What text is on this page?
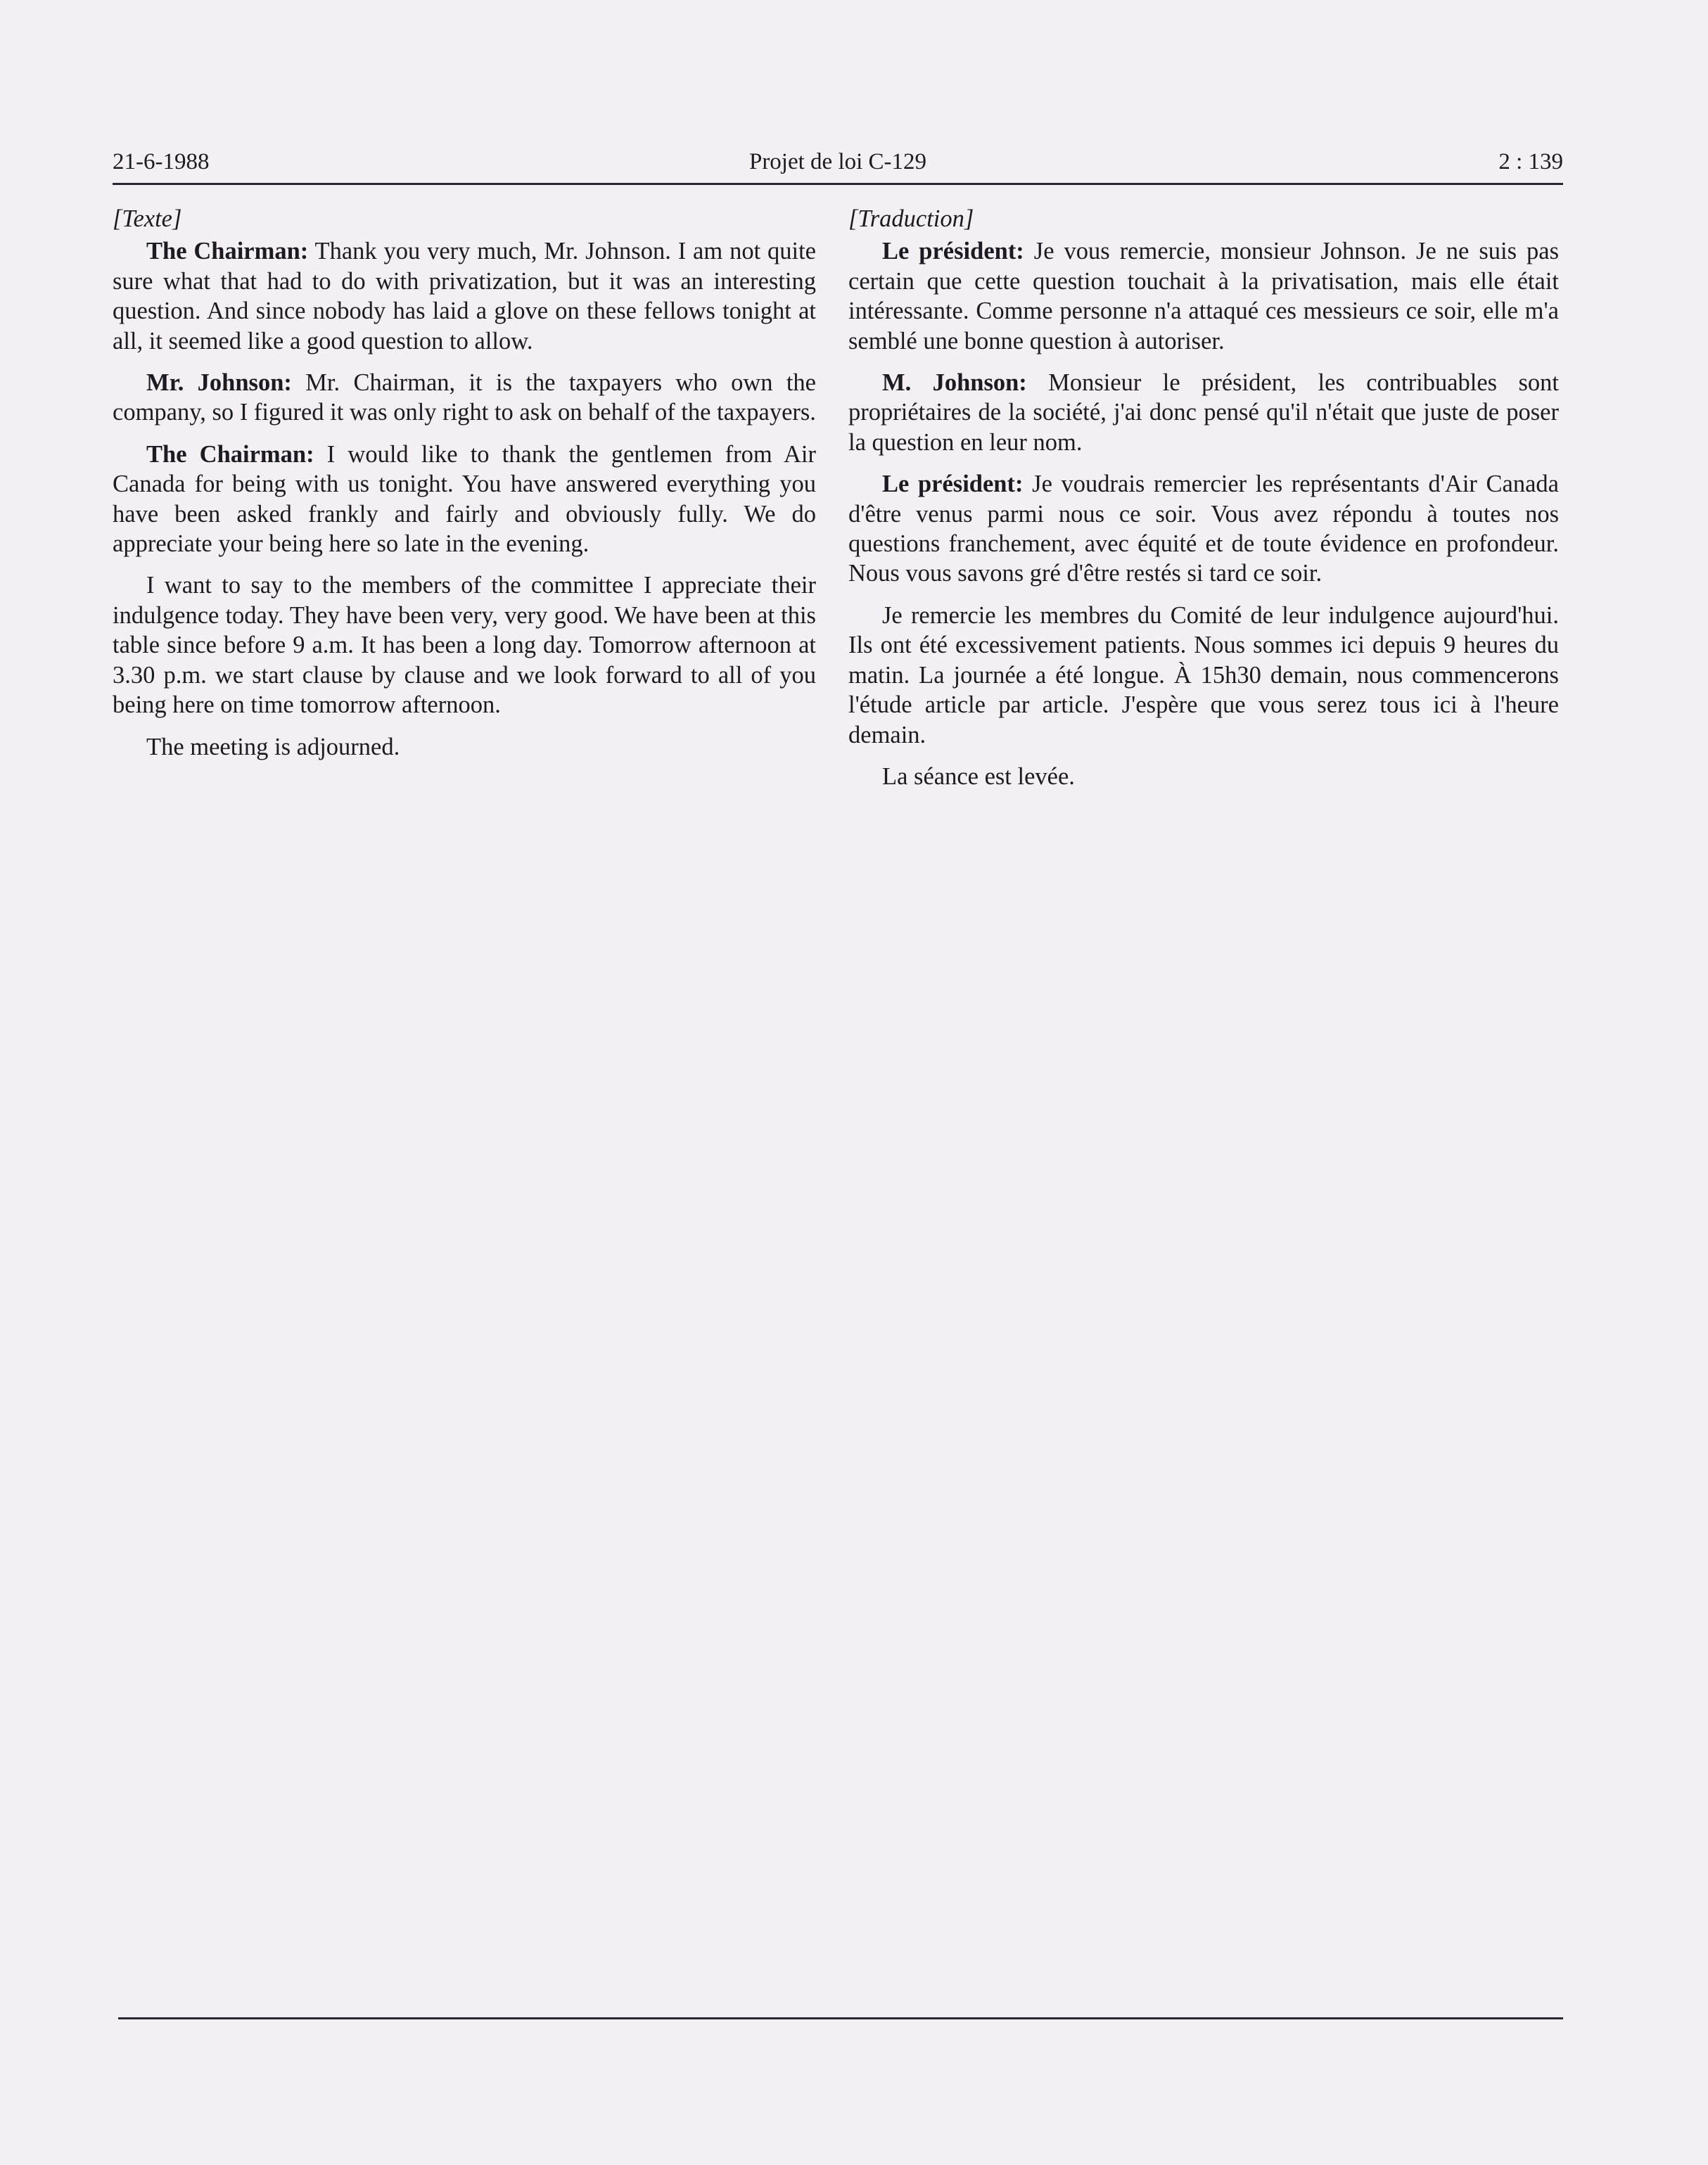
21-6-1988	Projet de loi C-129	2 : 139
[Texte]

The Chairman: Thank you very much, Mr. Johnson. I am not quite sure what that had to do with privatization, but it was an interesting question. And since nobody has laid a glove on these fellows tonight at all, it seemed like a good question to allow.

Mr. Johnson: Mr. Chairman, it is the taxpayers who own the company, so I figured it was only right to ask on behalf of the taxpayers.

The Chairman: I would like to thank the gentlemen from Air Canada for being with us tonight. You have answered everything you have been asked frankly and fairly and obviously fully. We do appreciate your being here so late in the evening.

I want to say to the members of the committee I appreciate their indulgence today. They have been very, very good. We have been at this table since before 9 a.m. It has been a long day. Tomorrow afternoon at 3.30 p.m. we start clause by clause and we look forward to all of you being here on time tomorrow afternoon.

The meeting is adjourned.

[Traduction]

Le président: Je vous remercie, monsieur Johnson. Je ne suis pas certain que cette question touchait à la privatisation, mais elle était intéressante. Comme personne n'a attaqué ces messieurs ce soir, elle m'a semblé une bonne question à autoriser.

M. Johnson: Monsieur le président, les contribuables sont propriétaires de la société, j'ai donc pensé qu'il n'était que juste de poser la question en leur nom.

Le président: Je voudrais remercier les représentants d'Air Canada d'être venus parmi nous ce soir. Vous avez répondu à toutes nos questions franchement, avec équité et de toute évidence en profondeur. Nous vous savons gré d'être restés si tard ce soir.

Je remercie les membres du Comité de leur indulgence aujourd'hui. Ils ont été excessivement patients. Nous sommes ici depuis 9 heures du matin. La journée a été longue. À 15h30 demain, nous commencerons l'étude article par article. J'espère que vous serez tous ici à l'heure demain.

La séance est levée.
